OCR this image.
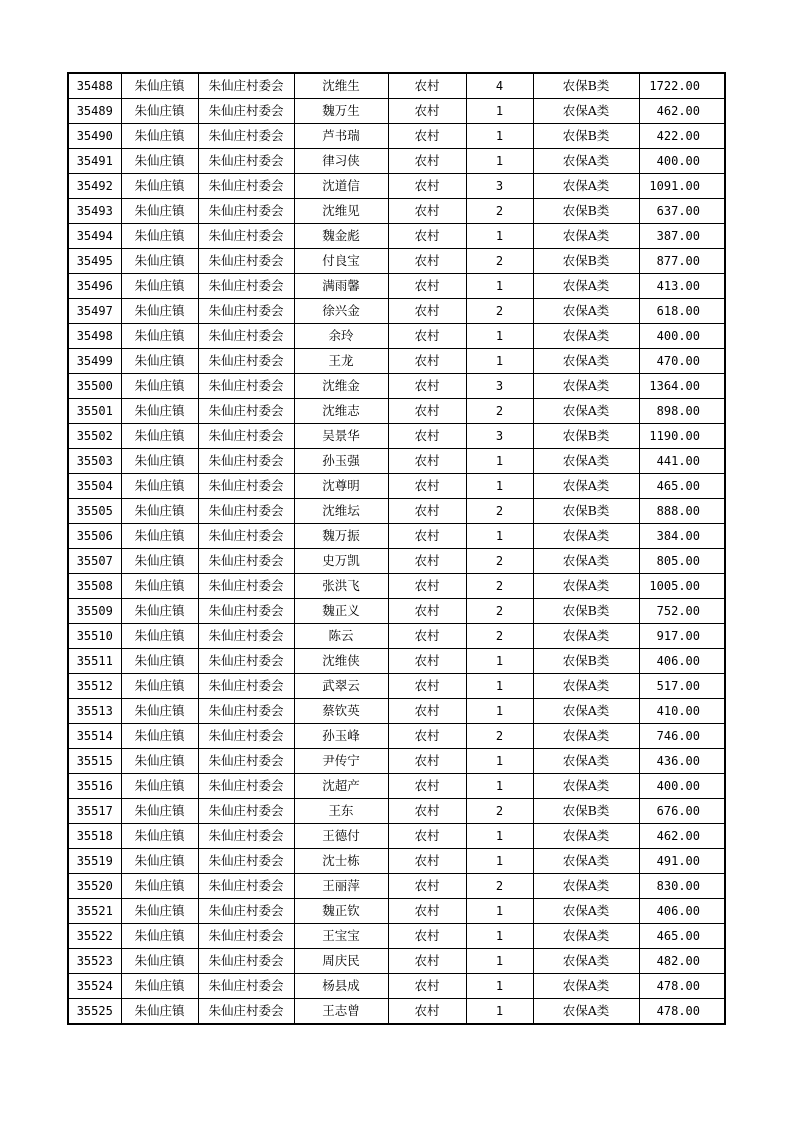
35488	朱仙庄镇	朱仙庄村委会	沈维生	农村	4	农保B类	1722.00
35489	朱仙庄镇	朱仙庄村委会	魏万生	农村	1	农保A类	462.00
35490	朱仙庄镇	朱仙庄村委会	芦书瑞	农村	1	农保B类	422.00
35491	朱仙庄镇	朱仙庄村委会	律习侠	农村	1	农保A类	400.00
35492	朱仙庄镇	朱仙庄村委会	沈道信	农村	3	农保A类	1091.00
35493	朱仙庄镇	朱仙庄村委会	沈维见	农村	2	农保B类	637.00
35494	朱仙庄镇	朱仙庄村委会	魏金彪	农村	1	农保A类	387.00
35495	朱仙庄镇	朱仙庄村委会	付良宝	农村	2	农保B类	877.00
35496	朱仙庄镇	朱仙庄村委会	满雨馨	农村	1	农保A类	413.00
35497	朱仙庄镇	朱仙庄村委会	徐兴金	农村	2	农保A类	618.00
35498	朱仙庄镇	朱仙庄村委会	余玲	农村	1	农保A类	400.00
35499	朱仙庄镇	朱仙庄村委会	王龙	农村	1	农保A类	470.00
35500	朱仙庄镇	朱仙庄村委会	沈维金	农村	3	农保A类	1364.00
35501	朱仙庄镇	朱仙庄村委会	沈维志	农村	2	农保A类	898.00
35502	朱仙庄镇	朱仙庄村委会	吴景华	农村	3	农保B类	1190.00
35503	朱仙庄镇	朱仙庄村委会	孙玉强	农村	1	农保A类	441.00
35504	朱仙庄镇	朱仙庄村委会	沈尊明	农村	1	农保A类	465.00
35505	朱仙庄镇	朱仙庄村委会	沈维坛	农村	2	农保B类	888.00
35506	朱仙庄镇	朱仙庄村委会	魏万振	农村	1	农保A类	384.00
35507	朱仙庄镇	朱仙庄村委会	史万凯	农村	2	农保A类	805.00
35508	朱仙庄镇	朱仙庄村委会	张洪飞	农村	2	农保A类	1005.00
35509	朱仙庄镇	朱仙庄村委会	魏正义	农村	2	农保B类	752.00
35510	朱仙庄镇	朱仙庄村委会	陈云	农村	2	农保A类	917.00
35511	朱仙庄镇	朱仙庄村委会	沈维侠	农村	1	农保B类	406.00
35512	朱仙庄镇	朱仙庄村委会	武翠云	农村	1	农保A类	517.00
35513	朱仙庄镇	朱仙庄村委会	蔡钦英	农村	1	农保A类	410.00
35514	朱仙庄镇	朱仙庄村委会	孙玉峰	农村	2	农保A类	746.00
35515	朱仙庄镇	朱仙庄村委会	尹传宁	农村	1	农保A类	436.00
35516	朱仙庄镇	朱仙庄村委会	沈超产	农村	1	农保A类	400.00
35517	朱仙庄镇	朱仙庄村委会	王东	农村	2	农保B类	676.00
35518	朱仙庄镇	朱仙庄村委会	王德付	农村	1	农保A类	462.00
35519	朱仙庄镇	朱仙庄村委会	沈士栋	农村	1	农保A类	491.00
35520	朱仙庄镇	朱仙庄村委会	王丽萍	农村	2	农保A类	830.00
35521	朱仙庄镇	朱仙庄村委会	魏正钦	农村	1	农保A类	406.00
35522	朱仙庄镇	朱仙庄村委会	王宝宝	农村	1	农保A类	465.00
35523	朱仙庄镇	朱仙庄村委会	周庆民	农村	1	农保A类	482.00
35524	朱仙庄镇	朱仙庄村委会	杨县成	农村	1	农保A类	478.00
35525	朱仙庄镇	朱仙庄村委会	王志曾	农村	1	农保A类	478.00
